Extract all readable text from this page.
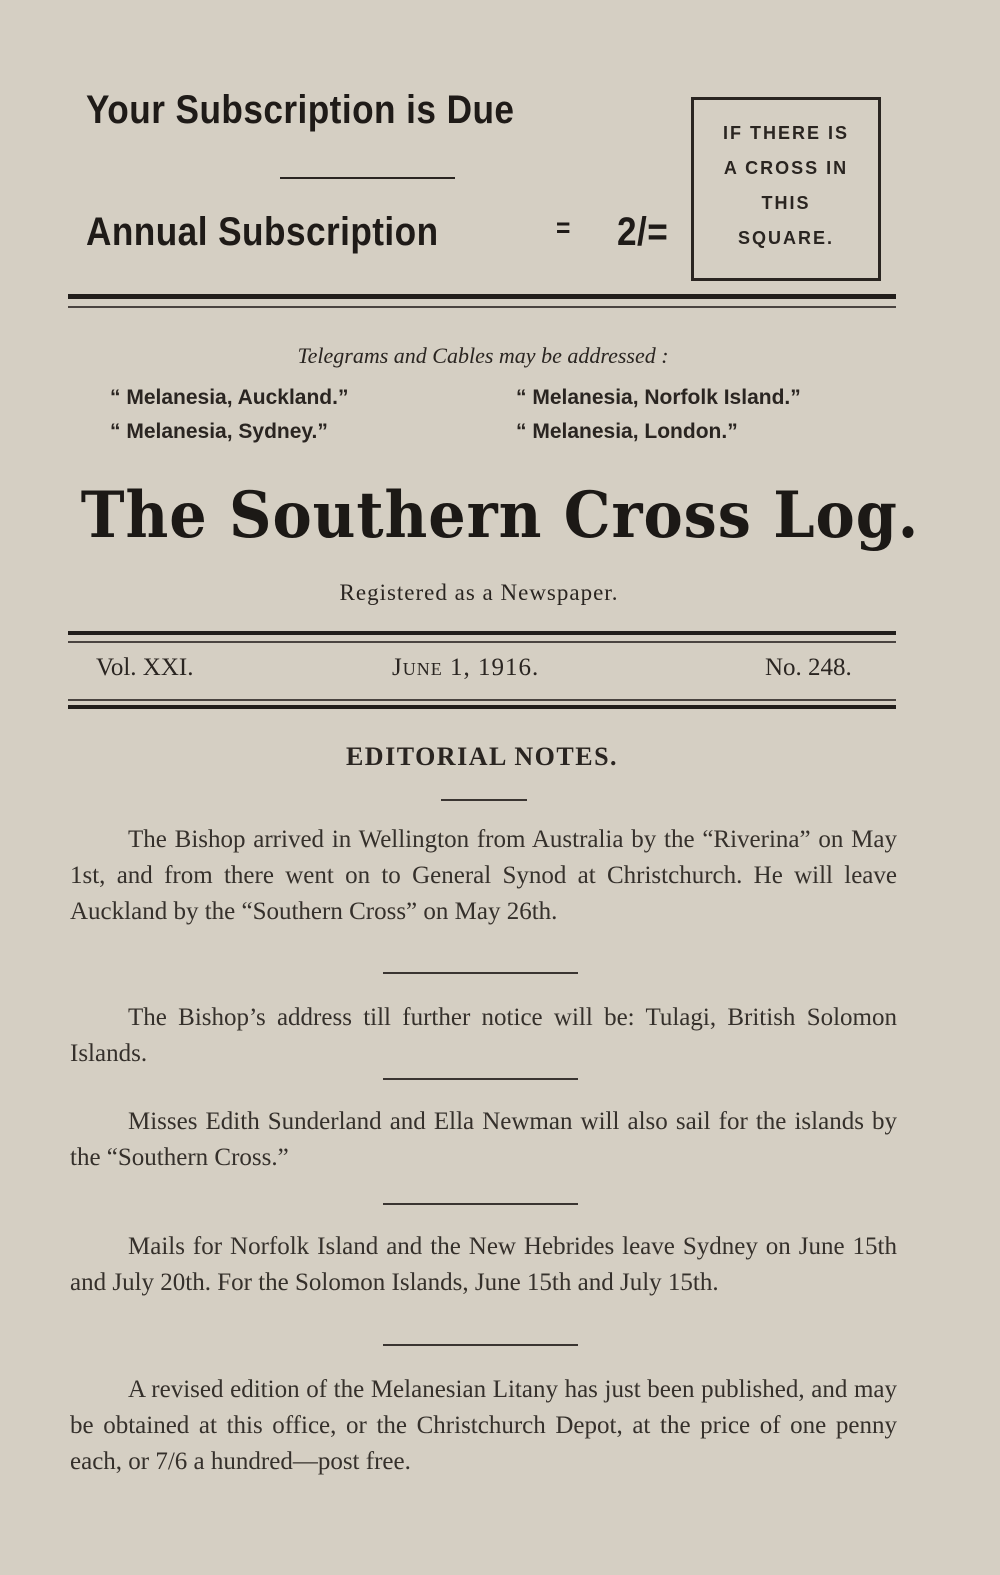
Your Subscription is Due
Annual Subscription	= 2/=
IF THERE IS
A CROSS IN
THIS
SQUARE.
Telegrams and Cables may be addressed :
“ Melanesia, Auckland.”	“ Melanesia, Norfolk Island.”
“ Melanesia, Sydney.”	“ Melanesia, London.”
The Southern Cross Log.
Registered as a Newspaper.
Vol. XXI.	June 1, 1916.	No. 248.
EDITORIAL NOTES.
The Bishop arrived in Wellington from Australia by the “Riverina” on May 1st, and from there went on to General Synod at Christchurch. He will leave Auckland by the “Southern Cross” on May 26th.
The Bishop’s address till further notice will be: Tulagi, British Solomon Islands.
Misses Edith Sunderland and Ella Newman will also sail for the islands by the “Southern Cross.”
Mails for Norfolk Island and the New Hebrides leave Sydney on June 15th and July 20th. For the Solomon Islands, June 15th and July 15th.
A revised edition of the Melanesian Litany has just been published, and may be obtained at this office, or the Christchurch Depot, at the price of one penny each, or 7/6 a hundred—post free.
